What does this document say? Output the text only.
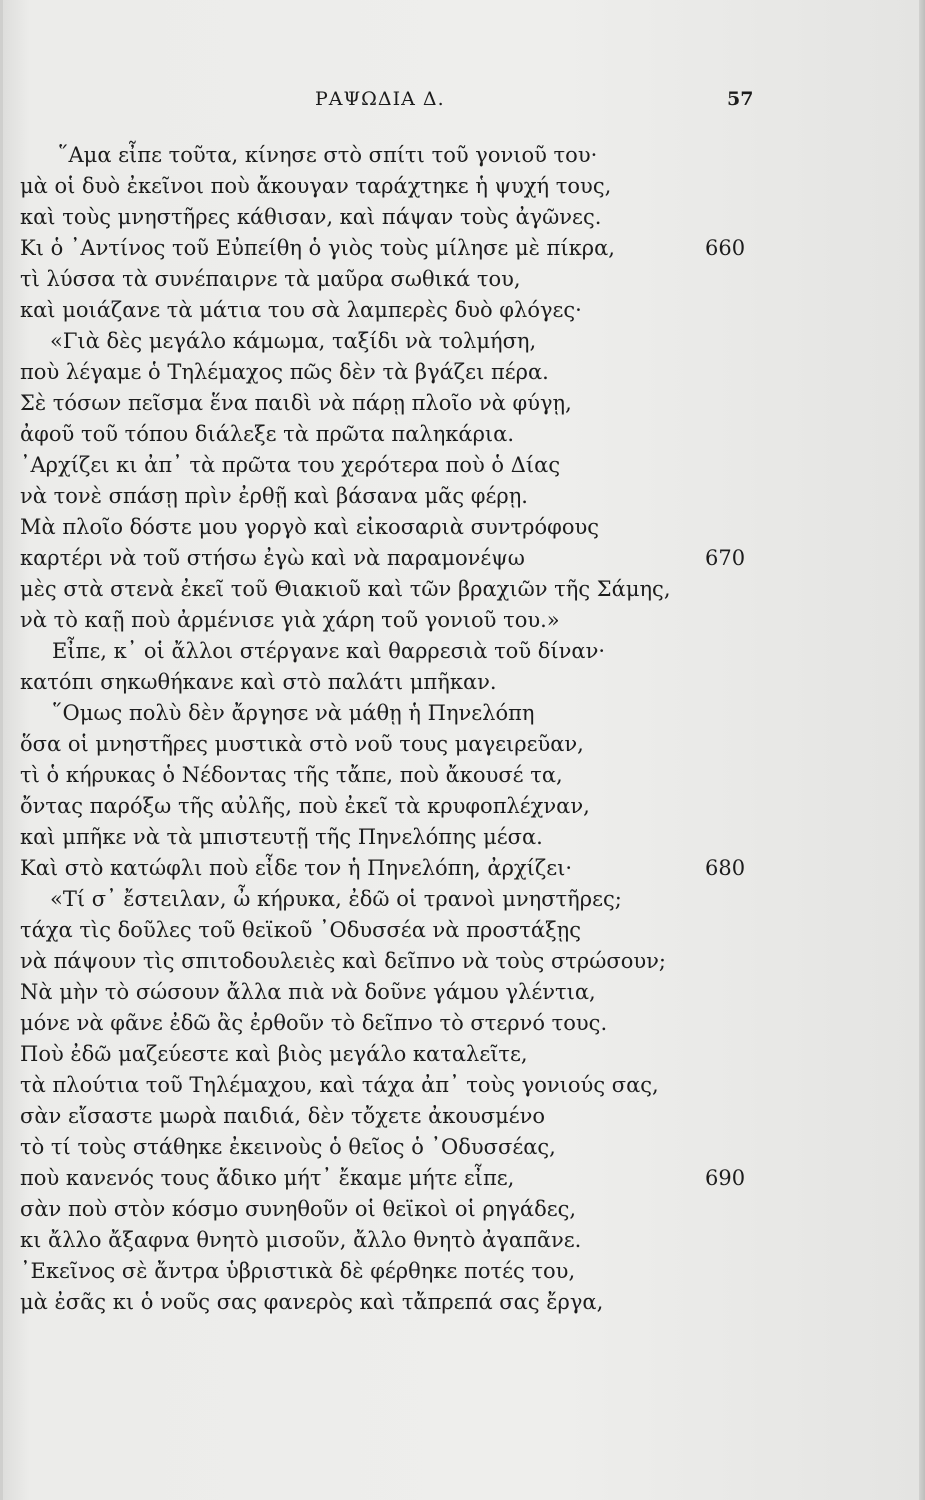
ΡΑΨΩΔΙΑ Δ.	57
῞Αμα εἶπε τοῦτα, κίνησε στὸ σπίτι τοῦ γονιοῦ του·
μὰ οἱ δυὸ ἐκεῖνοι ποὺ ἄκουγαν ταράχτηκε ἡ ψυχή τους,
καὶ τοὺς μνηστῆρες κάθισαν, καὶ πάψαν τοὺς ἀγῶνες.
Κι ὁ ᾿Αντίνος τοῦ Εὐπείθη ὁ γιὸς τοὺς μίλησε μὲ πίκρα,	660
τὶ λύσσα τὰ συνέπαιρνε τὰ μαῦρα σωθικά του,
καὶ μοιάζανε τὰ μάτια του σὰ λαμπερὲς δυὸ φλόγες·
«Γιὰ δὲς μεγάλο κάμωμα, ταξίδι νὰ τολμήση,
ποὺ λέγαμε ὁ Τηλέμαχος πῶς δὲν τὰ βγάζει πέρα.
Σὲ τόσων πεῖσμα ἕνα παιδὶ νὰ πάρῃ πλοῖο νὰ φύγῃ,
ἀφοῦ τοῦ τόπου διάλεξε τὰ πρῶτα παληκάρια.
᾿Αρχίζει κι ἀπ᾿ τὰ πρῶτα του χερότερα ποὺ ὁ Δίας
νὰ τονὲ σπάσῃ πρὶν ἐρθῇ καὶ βάσανα μᾶς φέρῃ.
Μὰ πλοῖο δόστε μου γοργὸ καὶ εἰκοσαριὰ συντρόφους
καρτέρι νὰ τοῦ στήσω ἐγὼ καὶ νὰ παραμονέψω	670
μὲς στὰ στενὰ ἐκεῖ τοῦ Θιακιοῦ καὶ τῶν βραχιῶν τῆς Σάμης,
νὰ τὸ καῇ ποὺ ἀρμένισε γιὰ χάρη τοῦ γονιοῦ του.»
Εἶπε, κ᾿ οἱ ἄλλοι στέργανε καὶ θαρρεσιὰ τοῦ δίναν·
κατόπι σηκωθήκανε καὶ στὸ παλάτι μπῆκαν.
῞Ομως πολὺ δὲν ἄργησε νὰ μάθῃ ἡ Πηνελόπη
ὅσα οἱ μνηστῆρες μυστικὰ στὸ νοῦ τους μαγειρεῦαν,
τὶ ὁ κήρυκας ὁ Νέδοντας τῆς τἄπε, ποὺ ἄκουσέ τα,
ὄντας παρόξω τῆς αὐλῆς, ποὺ ἐκεῖ τὰ κρυφοπλέχναν,
καὶ μπῆκε νὰ τὰ μπιστευτῇ τῆς Πηνελόπης μέσα.
Καὶ στὸ κατώφλι ποὺ εἶδε τον ἡ Πηνελόπη, ἀρχίζει·	680
«Τί σ᾿ ἔστειλαν, ὦ κήρυκα, ἐδῶ οἱ τρανοὶ μνηστῆρες;
τάχα τὶς δοῦλες τοῦ θεϊκοῦ ᾿Οδυσσέα νὰ προστάξῃς
νὰ πάψουν τὶς σπιτοδουλειὲς καὶ δεῖπνο νὰ τοὺς στρώσουν;
Νὰ μὴν τὸ σώσουν ἄλλα πιὰ νὰ δοῦνε γάμου γλέντια,
μόνε νὰ φᾶνε ἐδῶ ἂς ἐρθοῦν τὸ δεῖπνο τὸ στερνό τους.
Ποὺ ἐδῶ μαζεύεστε καὶ βιὸς μεγάλο καταλεῖτε,
τὰ πλούτια τοῦ Τηλέμαχου, καὶ τάχα ἀπ᾿ τοὺς γονιούς σας,
σὰν εἴσαστε μωρὰ παιδιά, δὲν τὄχετε ἀκουσμένο
τὸ τί τοὺς στάθηκε ἐκεινοὺς ὁ θεῖος ὁ ᾿Οδυσσέας,
ποὺ κανενός τους ἄδικο μήτ᾿ ἔκαμε μήτε εἶπε,	690
σὰν ποὺ στὸν κόσμο συνηθοῦν οἱ θεϊκοὶ οἱ ρηγάδες,
κι ἄλλο ἄξαφνα θνητὸ μισοῦν, ἄλλο θνητὸ ἀγαπᾶνε.
᾿Εκεῖνος σὲ ἄντρα ὑβριστικὰ δὲ φέρθηκε ποτές του,
μὰ ἐσᾶς κι ὁ νοῦς σας φανερὸς καὶ τἄπρεπά σας ἔργα,
